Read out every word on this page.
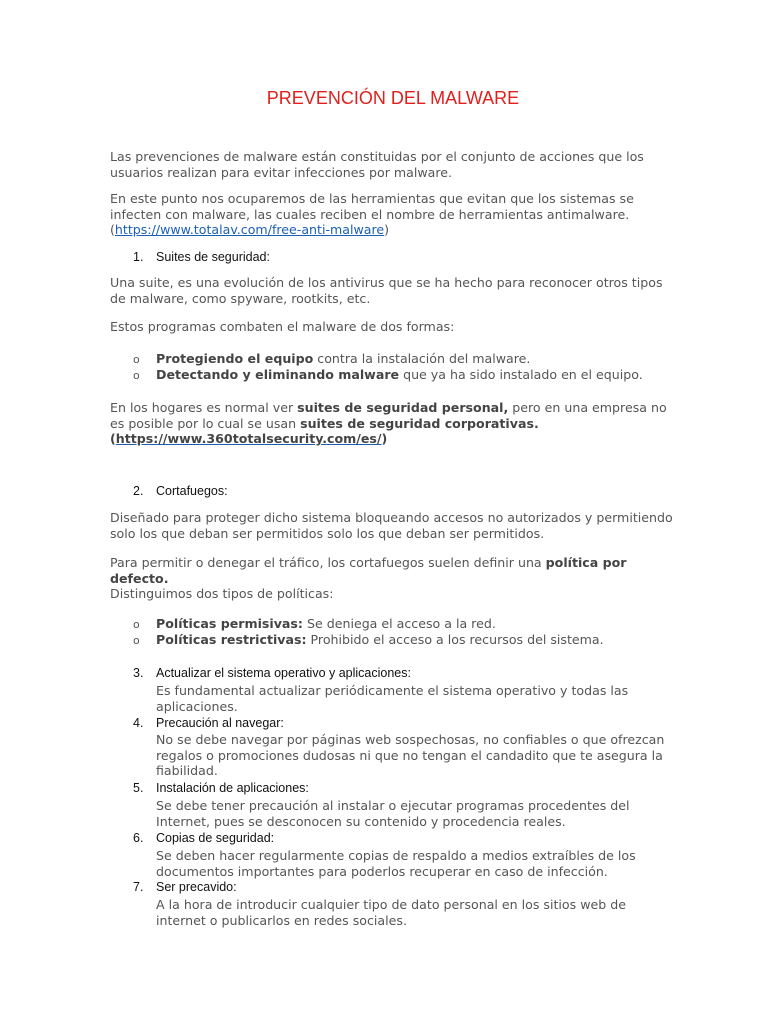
PREVENCIÓN DEL MALWARE

Las prevenciones de malware están constituidas por el conjunto de acciones que los usuarios realizan para evitar infecciones por malware.

En este punto nos ocuparemos de las herramientas que evitan que los sistemas se infecten con malware, las cuales reciben el nombre de herramientas antimalware.
(https://www.totalav.com/free-anti-malware)

1. Suites de seguridad:

Una suite, es una evolución de los antivirus que se ha hecho para reconocer otros tipos de malware, como spyware, rootkits, etc.

Estos programas combaten el malware de dos formas:

o Protegiendo el equipo contra la instalación del malware.
o Detectando y eliminando malware que ya ha sido instalado en el equipo.

En los hogares es normal ver suites de seguridad personal, pero en una empresa no es posible por lo cual se usan suites de seguridad corporativas.
(https://www.360totalsecurity.com/es/)

2. Cortafuegos:

Diseñado para proteger dicho sistema bloqueando accesos no autorizados y permitiendo solo los que deban ser permitidos solo los que deban ser permitidos.

Para permitir o denegar el tráfico, los cortafuegos suelen definir una política por defecto.
Distinguimos dos tipos de políticas:

o Políticas permisivas: Se deniega el acceso a la red.
o Políticas restrictivas: Prohibido el acceso a los recursos del sistema.
3. Actualizar el sistema operativo y aplicaciones:

Es fundamental actualizar periódicamente el sistema operativo y todas las aplicaciones.

4. Precaución al navegar:

No se debe navegar por páginas web sospechosas, no confiables o que ofrezcan regalos o promociones dudosas ni que no tengan el candadito que te asegura la fiabilidad.

5. Instalación de aplicaciones:

Se debe tener precaución al instalar o ejecutar programas procedentes del Internet, pues se desconocen su contenido y procedencia reales.

6. Copias de seguridad:

Se deben hacer regularmente copias de respaldo a medios extraíbles de los documentos importantes para poderlos recuperar en caso de infección.

7. Ser precavido:

A la hora de introducir cualquier tipo de dato personal en los sitios web de internet o publicarlos en redes sociales.
